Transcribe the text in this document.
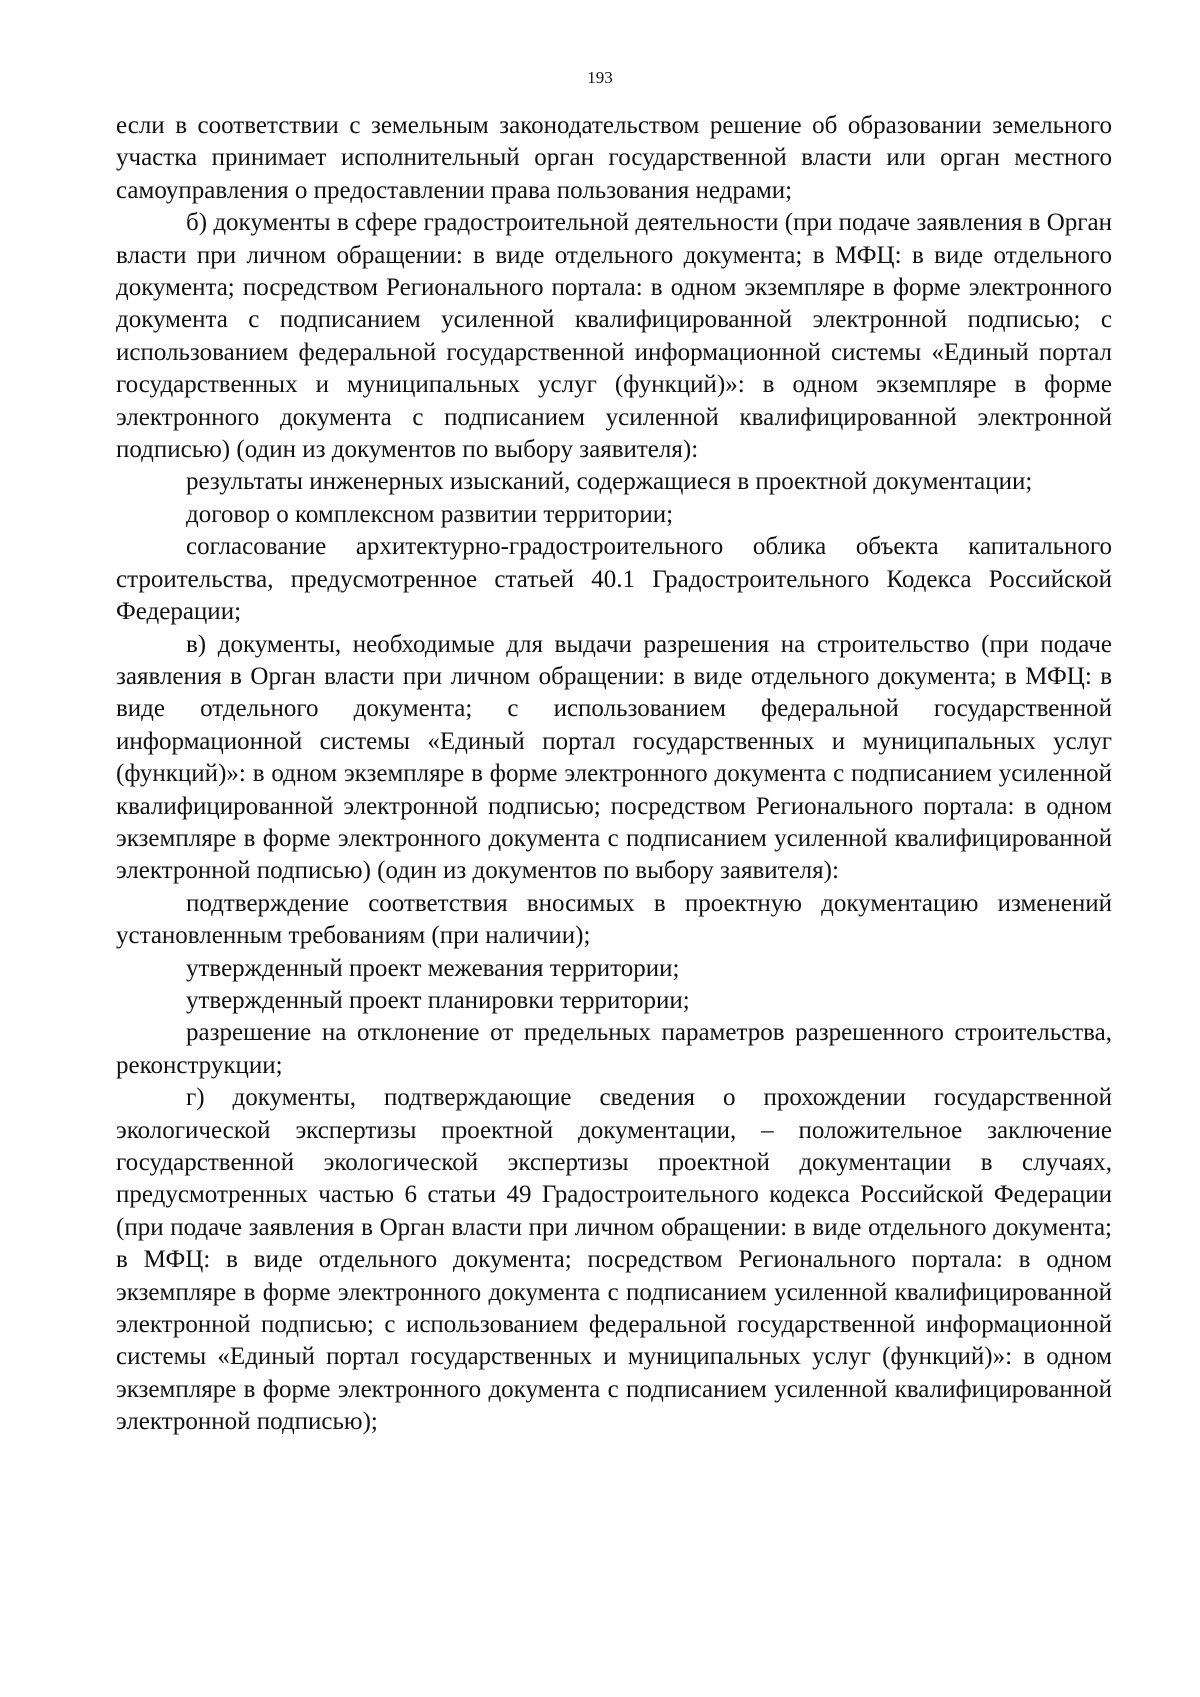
193

если в соответствии с земельным законодательством решение об образовании земельного участка принимает исполнительный орган государственной власти или орган местного самоуправления о предоставлении права пользования недрами;

б) документы в сфере градостроительной деятельности (при подаче заявления в Орган власти при личном обращении: в виде отдельного документа; в МФЦ: в виде отдельного документа; посредством Регионального портала: в одном экземпляре в форме электронного документа с подписанием усиленной квалифицированной электронной подписью; с использованием федеральной государственной информационной системы «Единый портал государственных и муниципальных услуг (функций)»: в одном экземпляре в форме электронного документа с подписанием усиленной квалифицированной электронной подписью) (один из документов по выбору заявителя):

результаты инженерных изысканий, содержащиеся в проектной документации;

договор о комплексном развитии территории;

согласование архитектурно-градостроительного облика объекта капитального строительства, предусмотренное статьей 40.1 Градостроительного Кодекса Российской Федерации;

в) документы, необходимые для выдачи разрешения на строительство (при подаче заявления в Орган власти при личном обращении: в виде отдельного документа; в МФЦ: в виде отдельного документа; с использованием федеральной государственной информационной системы «Единый портал государственных и муниципальных услуг (функций)»: в одном экземпляре в форме электронного документа с подписанием усиленной квалифицированной электронной подписью; посредством Регионального портала: в одном экземпляре в форме электронного документа с подписанием усиленной квалифицированной электронной подписью) (один из документов по выбору заявителя):

подтверждение соответствия вносимых в проектную документацию изменений установленным требованиям (при наличии);

утвержденный проект межевания территории;

утвержденный проект планировки территории;

разрешение на отклонение от предельных параметров разрешенного строительства, реконструкции;

г) документы, подтверждающие сведения о прохождении государственной экологической экспертизы проектной документации, – положительное заключение государственной экологической экспертизы проектной документации в случаях, предусмотренных частью 6 статьи 49 Градостроительного кодекса Российской Федерации (при подаче заявления в Орган власти при личном обращении: в виде отдельного документа; в МФЦ: в виде отдельного документа; посредством Регионального портала: в одном экземпляре в форме электронного документа с подписанием усиленной квалифицированной электронной подписью; с использованием федеральной государственной информационной системы «Единый портал государственных и муниципальных услуг (функций)»: в одном экземпляре в форме электронного документа с подписанием усиленной квалифицированной электронной подписью);
